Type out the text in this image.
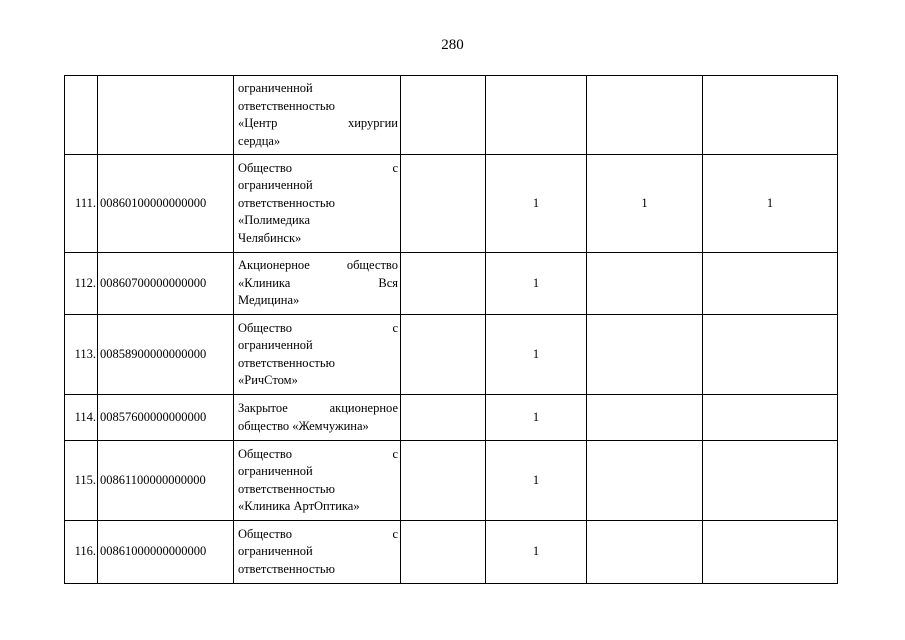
280

		ограниченной
ответственностью
«Центр хирургии
сердца»				

111.	00860100000000000	Общество с
ограниченной
ответственностью
«Полимедика
Челябинск»		1	1	1
112.	00860700000000000	Акционерное общество
«Клиника Вся
Медицина»		1		
113.	00858900000000000	Общество с
ограниченной
ответственностью
«РичСтом»		1		
114.	00857600000000000	Закрытое акционерное
общество «Жемчужина»		1		
115.	00861100000000000	Общество с
ограниченной
ответственностью
«Клиника АртОптика»		1		
116.	00861000000000000	Общество с
ограниченной
ответственностью		1		
